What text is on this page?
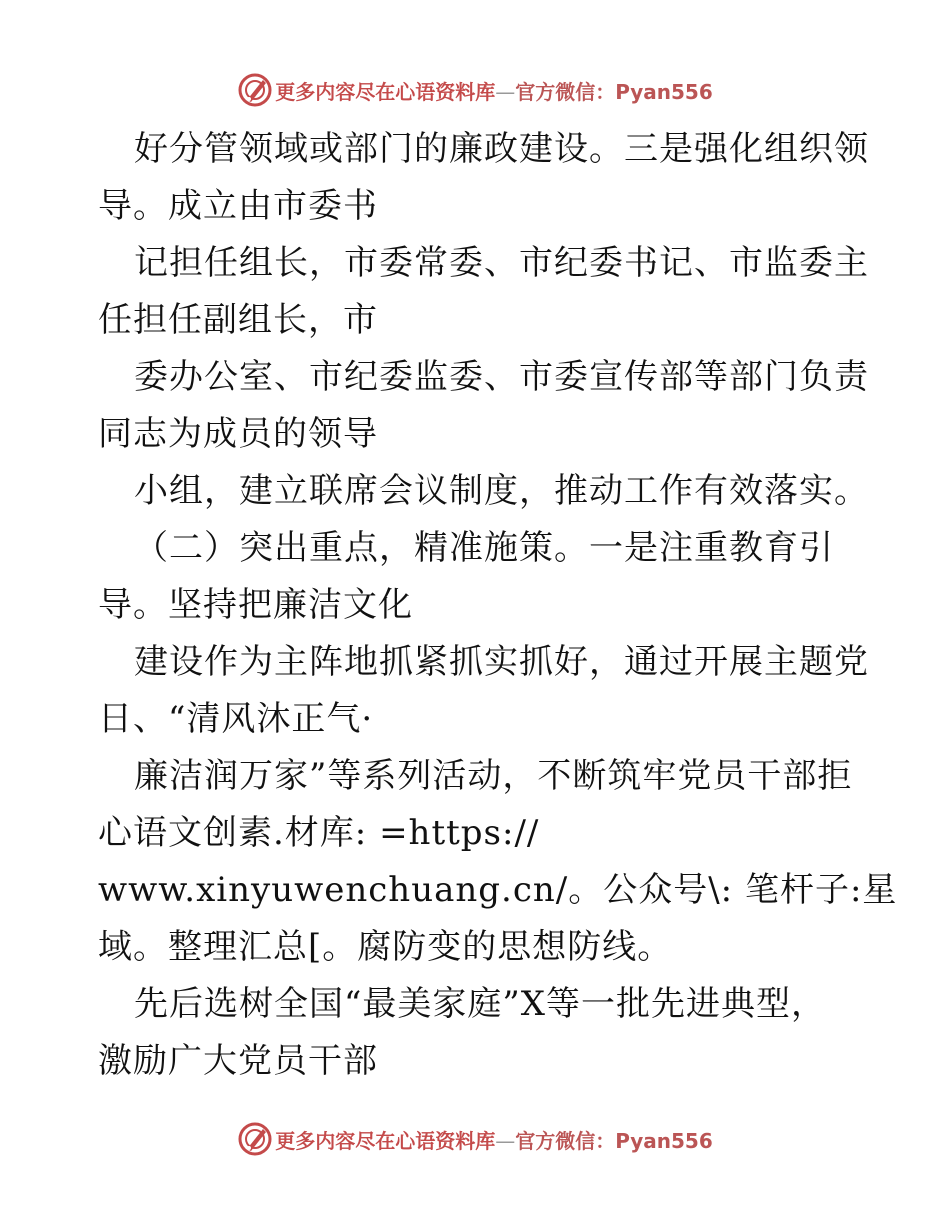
更多内容尽在心语资料库—官方微信：Pyan556
好分管领域或部门的廉政建设。三是强化组织领
导。成立由市委书
记担任组长，市委常委、市纪委书记、市监委主
任担任副组长，市
委办公室、市纪委监委、市委宣传部等部门负责
同志为成员的领导
小组，建立联席会议制度，推动工作有效落实。
（二）突出重点，精准施策。一是注重教育引
导。坚持把廉洁文化
建设作为主阵地抓紧抓实抓好，通过开展主题党
日、“清风沐正气·
廉洁润万家”等系列活动，不断筑牢党员干部拒
心语文创素.材库: =https://
www.xinyuwenchuang.cn/。公众号\: 笔杆子:星
域。整理汇总[。腐防变的思想防线。
先后选树全国“最美家庭”X等一批先进典型，
激励广大党员干部
更多内容尽在心语资料库—官方微信：Pyan556
